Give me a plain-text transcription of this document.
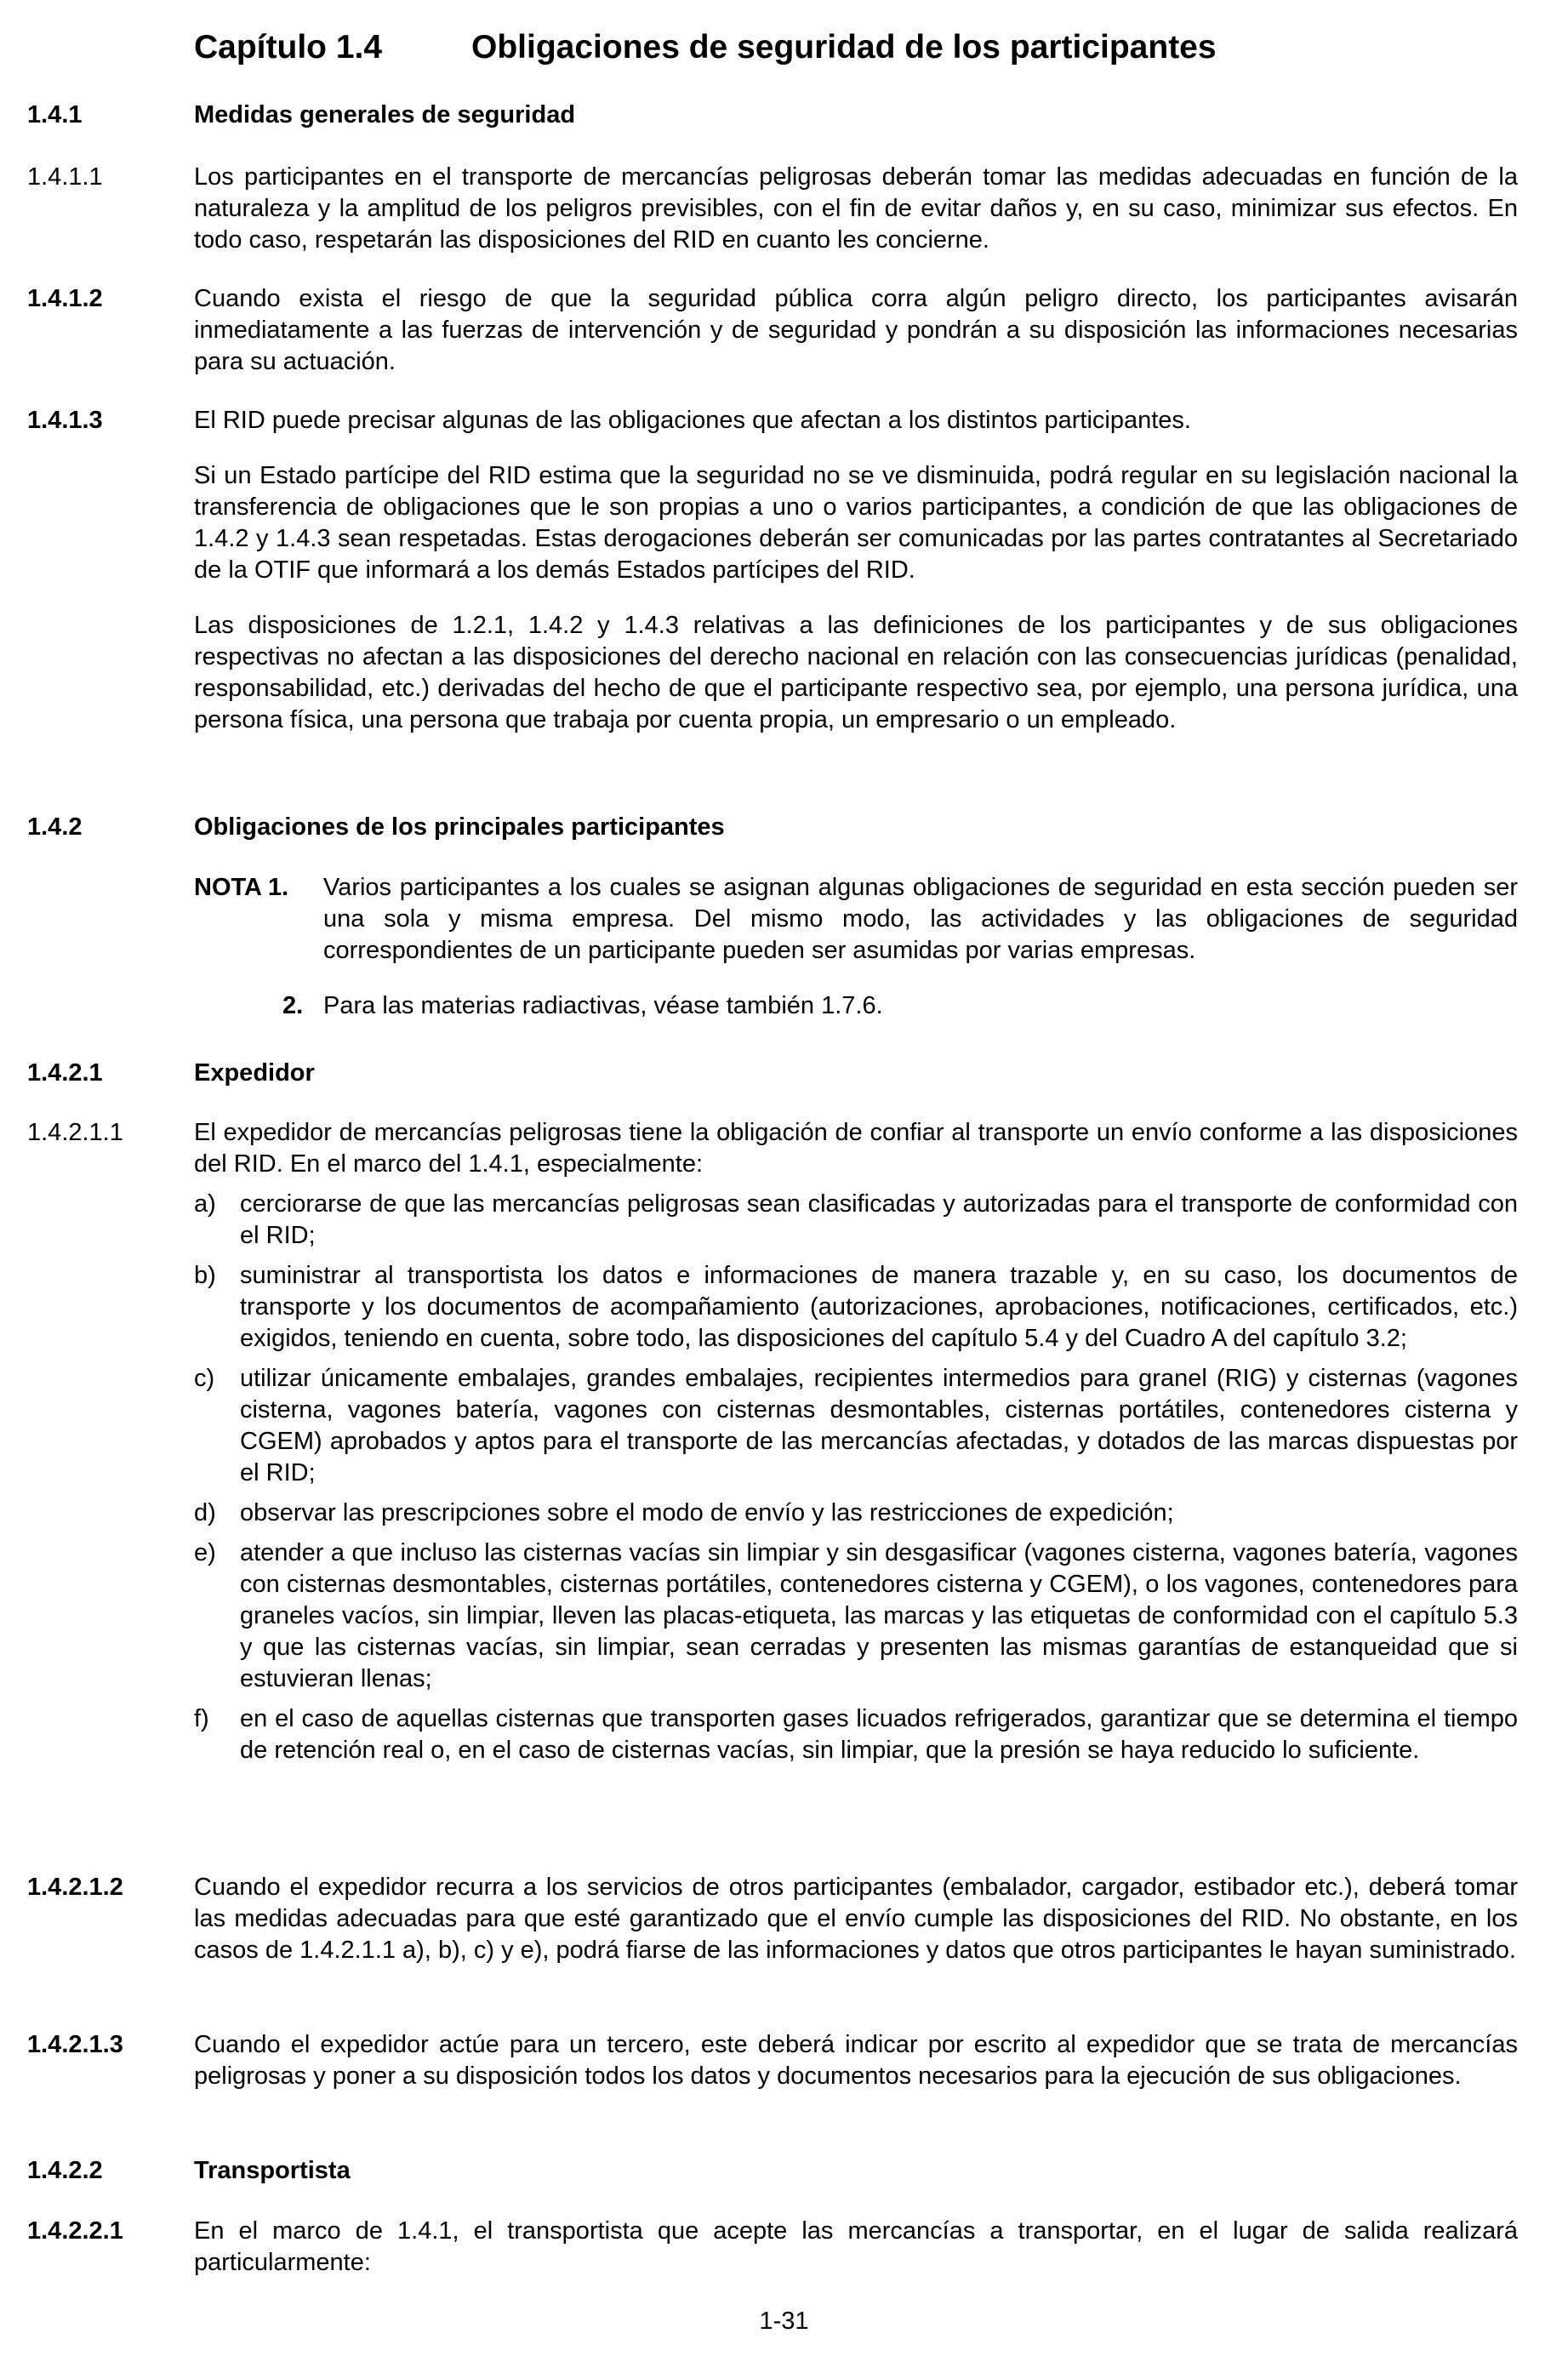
Capítulo 1.4	Obligaciones de seguridad de los participantes
1.4.1	Medidas generales de seguridad
1.4.1.1	Los participantes en el transporte de mercancías peligrosas deberán tomar las medidas adecuadas en función de la naturaleza y la amplitud de los peligros previsibles, con el fin de evitar daños y, en su caso, minimizar sus efectos. En todo caso, respetarán las disposiciones del RID en cuanto les concierne.
1.4.1.2	Cuando exista el riesgo de que la seguridad pública corra algún peligro directo, los participantes avisarán inmediatamente a las fuerzas de intervención y de seguridad y pondrán a su disposición las informaciones necesarias para su actuación.
1.4.1.3	El RID puede precisar algunas de las obligaciones que afectan a los distintos participantes.
Si un Estado partícipe del RID estima que la seguridad no se ve disminuida, podrá regular en su legislación nacional la transferencia de obligaciones que le son propias a uno o varios participantes, a condición de que las obligaciones de 1.4.2 y 1.4.3 sean respetadas. Estas derogaciones deberán ser comunicadas por las partes contratantes al Secretariado de la OTIF que informará a los demás Estados partícipes del RID.
Las disposiciones de 1.2.1, 1.4.2 y 1.4.3 relativas a las definiciones de los participantes y de sus obligaciones respectivas no afectan a las disposiciones del derecho nacional en relación con las consecuencias jurídicas (penalidad, responsabilidad, etc.) derivadas del hecho de que el participante respectivo sea, por ejemplo, una persona jurídica, una persona física, una persona que trabaja por cuenta propia, un empresario o un empleado.
1.4.2	Obligaciones de los principales participantes
NOTA 1. Varios participantes a los cuales se asignan algunas obligaciones de seguridad en esta sección pueden ser una sola y misma empresa. Del mismo modo, las actividades y las obligaciones de seguridad correspondientes de un participante pueden ser asumidas por varias empresas.
2. Para las materias radiactivas, véase también 1.7.6.
1.4.2.1	Expedidor
1.4.2.1.1	El expedidor de mercancías peligrosas tiene la obligación de confiar al transporte un envío conforme a las disposiciones del RID. En el marco del 1.4.1, especialmente:
a) cerciorarse de que las mercancías peligrosas sean clasificadas y autorizadas para el transporte de conformidad con el RID;
b) suministrar al transportista los datos e informaciones de manera trazable y, en su caso, los documentos de transporte y los documentos de acompañamiento (autorizaciones, aprobaciones, notificaciones, certificados, etc.) exigidos, teniendo en cuenta, sobre todo, las disposiciones del capítulo 5.4 y del Cuadro A del capítulo 3.2;
c) utilizar únicamente embalajes, grandes embalajes, recipientes intermedios para granel (RIG) y cisternas (vagones cisterna, vagones batería, vagones con cisternas desmontables, cisternas portátiles, contenedores cisterna y CGEM) aprobados y aptos para el transporte de las mercancías afectadas, y dotados de las marcas dispuestas por el RID;
d) observar las prescripciones sobre el modo de envío y las restricciones de expedición;
e) atender a que incluso las cisternas vacías sin limpiar y sin desgasificar (vagones cisterna, vagones batería, vagones con cisternas desmontables, cisternas portátiles, contenedores cisterna y CGEM), o los vagones, contenedores para graneles vacíos, sin limpiar, lleven las placas-etiqueta, las marcas y las etiquetas de conformidad con el capítulo 5.3 y que las cisternas vacías, sin limpiar, sean cerradas y presenten las mismas garantías de estanqueidad que si estuvieran llenas;
f) en el caso de aquellas cisternas que transporten gases licuados refrigerados, garantizar que se determina el tiempo de retención real o, en el caso de cisternas vacías, sin limpiar, que la presión se haya reducido lo suficiente.
1.4.2.1.2	Cuando el expedidor recurra a los servicios de otros participantes (embalador, cargador, estibador etc.), deberá tomar las medidas adecuadas para que esté garantizado que el envío cumple las disposiciones del RID. No obstante, en los casos de 1.4.2.1.1 a), b), c) y e), podrá fiarse de las informaciones y datos que otros participantes le hayan suministrado.
1.4.2.1.3	Cuando el expedidor actúe para un tercero, este deberá indicar por escrito al expedidor que se trata de mercancías peligrosas y poner a su disposición todos los datos y documentos necesarios para la ejecución de sus obligaciones.
1.4.2.2	Transportista
1.4.2.2.1	En el marco de 1.4.1, el transportista que acepte las mercancías a transportar, en el lugar de salida realizará particularmente:
1-31
